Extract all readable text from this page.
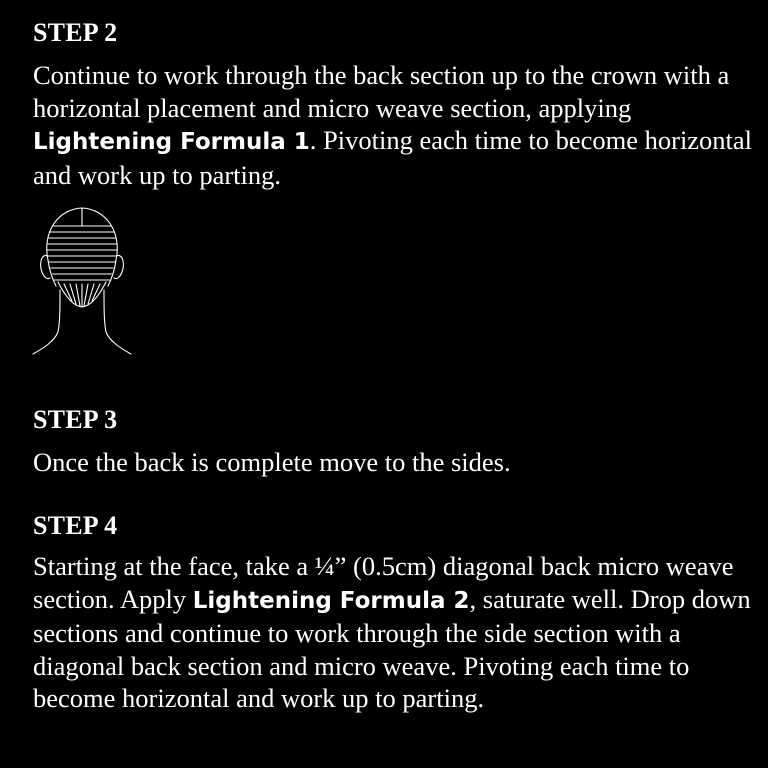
STEP 2

Continue to work through the back section up to the crown with a horizontal placement and micro weave section, applying Lightening Formula 1. Pivoting each time to become horizontal and work up to parting.

STEP 3

Once the back is complete move to the sides.

STEP 4

Starting at the face, take a ¼” (0.5cm) diagonal back micro weave section. Apply Lightening Formula 2, saturate well. Drop down sections and continue to work through the side section with a diagonal back section and micro weave. Pivoting each time to become horizontal and work up to parting.
